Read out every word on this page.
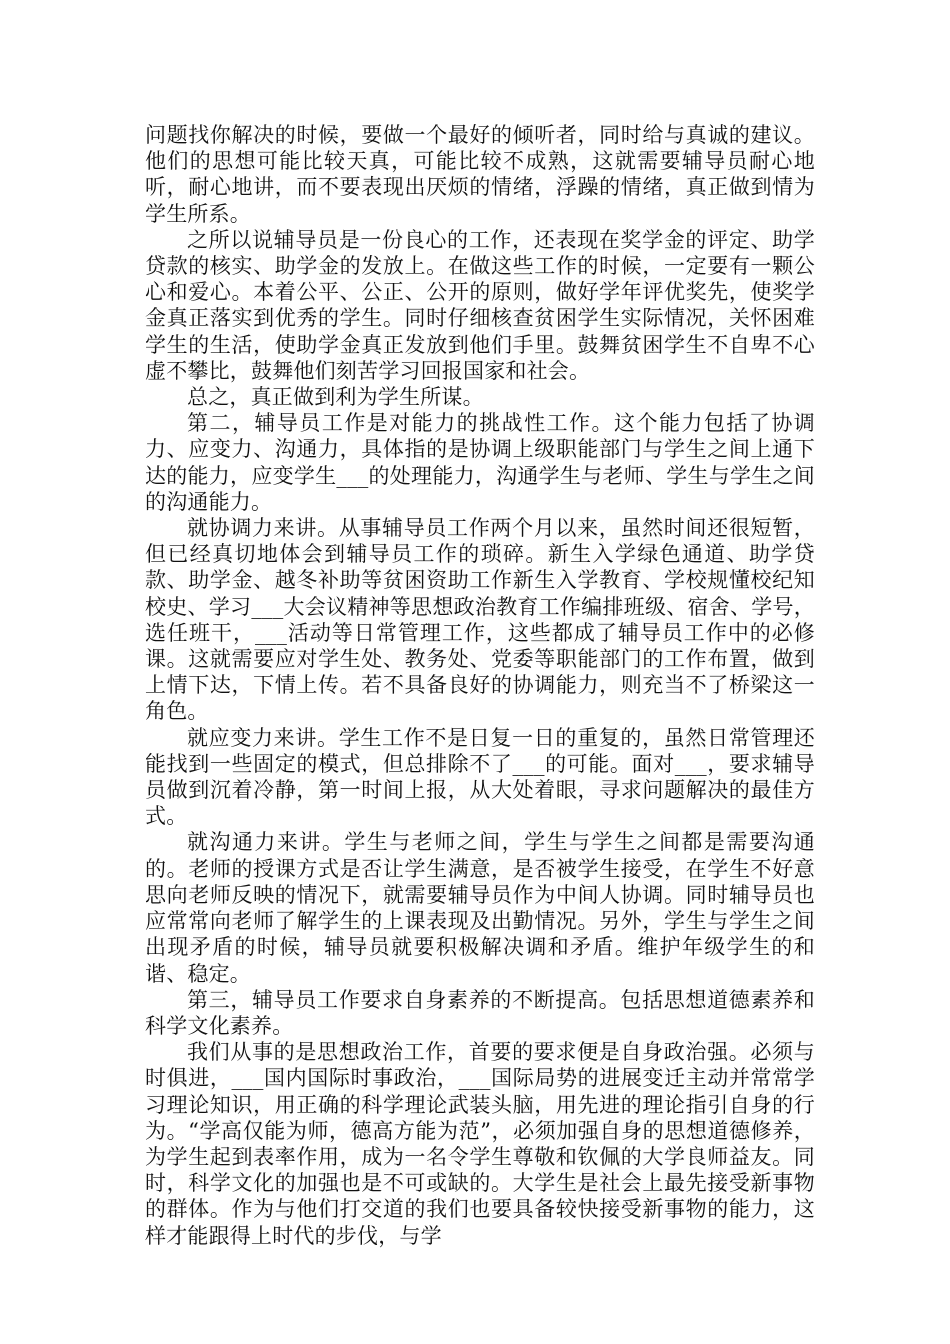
问题找你解决的时候，要做一个最好的倾听者，同时给与真诚的建议。他们的思想可能比较天真，可能比较不成熟，这就需要辅导员耐心地听，耐心地讲，而不要表现出厌烦的情绪，浮躁的情绪，真正做到情为学生所系。

之所以说辅导员是一份良心的工作，还表现在奖学金的评定、助学贷款的核实、助学金的发放上。在做这些工作的时候，一定要有一颗公心和爱心。本着公平、公正、公开的原则，做好学年评优奖先，使奖学金真正落实到优秀的学生。同时仔细核查贫困学生实际情况，关怀困难学生的生活，使助学金真正发放到他们手里。鼓舞贫困学生不自卑不心虚不攀比，鼓舞他们刻苦学习回报国家和社会。

总之，真正做到利为学生所谋。

第二，辅导员工作是对能力的挑战性工作。这个能力包括了协调力、应变力、沟通力，具体指的是协调上级职能部门与学生之间上通下达的能力，应变学生___的处理能力，沟通学生与老师、学生与学生之间的沟通能力。

就协调力来讲。从事辅导员工作两个月以来，虽然时间还很短暂，但已经真切地体会到辅导员工作的琐碎。新生入学绿色通道、助学贷款、助学金、越冬补助等贫困资助工作新生入学教育、学校规懂校纪知校史、学习___大会议精神等思想政治教育工作编排班级、宿舍、学号，选任班干，___活动等日常管理工作，这些都成了辅导员工作中的必修课。这就需要应对学生处、教务处、党委等职能部门的工作布置，做到上情下达，下情上传。若不具备良好的协调能力，则充当不了桥梁这一角色。

就应变力来讲。学生工作不是日复一日的重复的，虽然日常管理还能找到一些固定的模式，但总排除不了___的可能。面对___，要求辅导员做到沉着冷静，第一时间上报，从大处着眼，寻求问题解决的最佳方式。

就沟通力来讲。学生与老师之间，学生与学生之间都是需要沟通的。老师的授课方式是否让学生满意，是否被学生接受，在学生不好意思向老师反映的情况下，就需要辅导员作为中间人协调。同时辅导员也应常常向老师了解学生的上课表现及出勤情况。另外，学生与学生之间出现矛盾的时候，辅导员就要积极解决调和矛盾。维护年级学生的和谐、稳定。

第三，辅导员工作要求自身素养的不断提高。包括思想道德素养和科学文化素养。

我们从事的是思想政治工作，首要的要求便是自身政治强。必须与时俱进，___国内国际时事政治，___国际局势的进展变迁主动并常常学习理论知识，用正确的科学理论武装头脑，用先进的理论指引自身的行为。“学高仅能为师，德高方能为范”，必须加强自身的思想道德修养，为学生起到表率作用，成为一名令学生尊敬和钦佩的大学良师益友。同时，科学文化的加强也是不可或缺的。大学生是社会上最先接受新事物的群体。作为与他们打交道的我们也要具备较快接受新事物的能力，这样才能跟得上时代的步伐，与学
